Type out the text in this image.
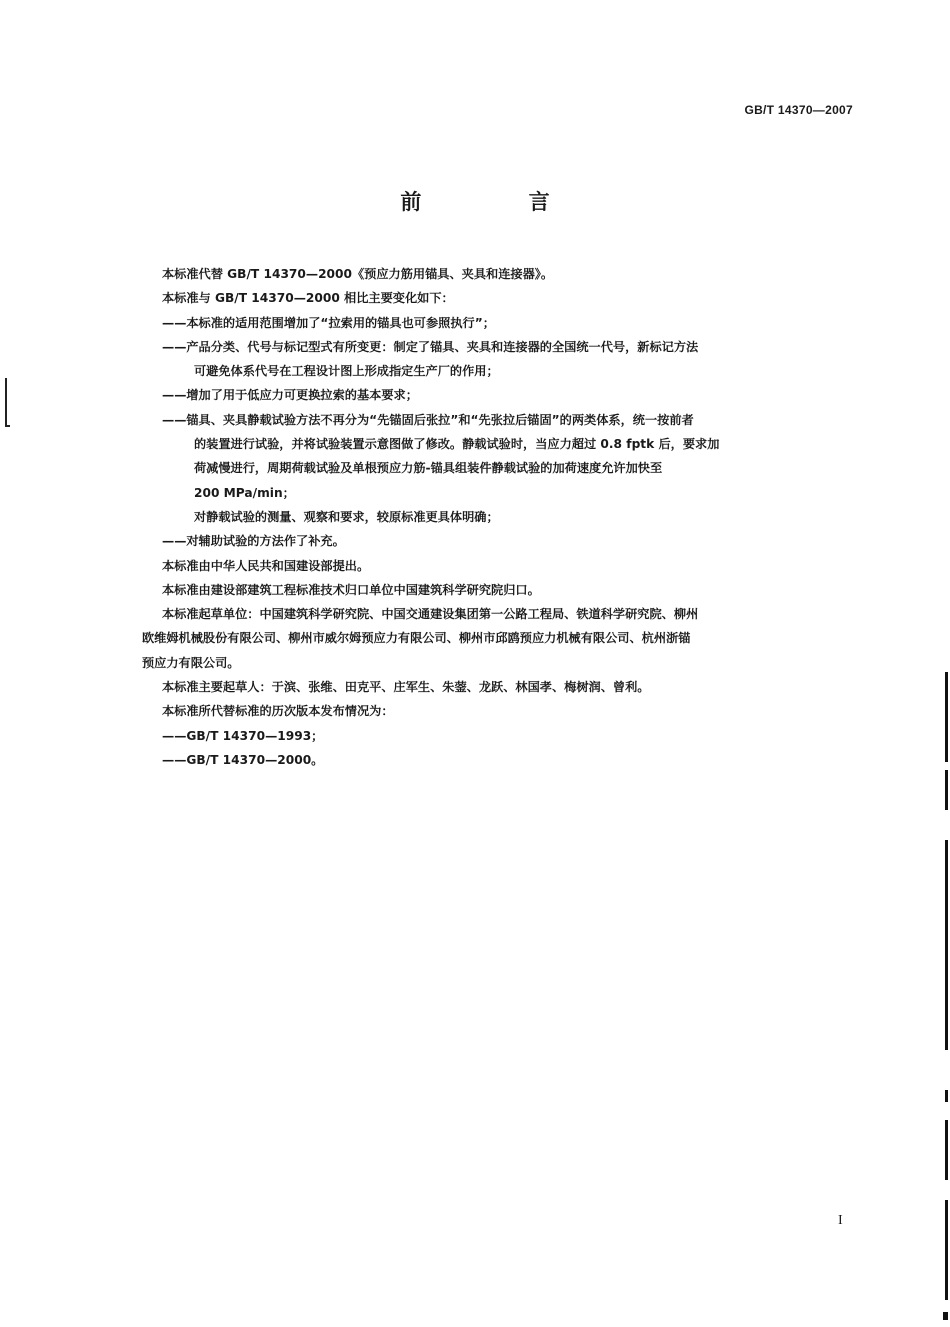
GB/T 14370—2007
前 言
本标准代替 GB/T 14370—2000《预应力筋用锚具、夹具和连接器》。
本标准与 GB/T 14370—2000 相比主要变化如下：
——本标准的适用范围增加了“拉索用的锚具也可参照执行”；
——产品分类、代号与标记型式有所变更：制定了锚具、夹具和连接器的全国统一代号，新标记方法
可避免体系代号在工程设计图上形成指定生产厂的作用；
——增加了用于低应力可更换拉索的基本要求；
——锚具、夹具静载试验方法不再分为“先锚固后张拉”和“先张拉后锚固”的两类体系，统一按前者
的装置进行试验，并将试验装置示意图做了修改。静载试验时，当应力超过 0.8 fptk 后，要求加
荷减慢进行，周期荷载试验及单根预应力筋-锚具组装件静载试验的加荷速度允许加快至
200 MPa/min；
对静载试验的测量、观察和要求，较原标准更具体明确；
——对辅助试验的方法作了补充。
本标准由中华人民共和国建设部提出。
本标准由建设部建筑工程标准技术归口单位中国建筑科学研究院归口。
本标准起草单位：中国建筑科学研究院、中国交通建设集团第一公路工程局、铁道科学研究院、柳州
欧维姆机械股份有限公司、柳州市威尔姆预应力有限公司、柳州市邱鸥预应力机械有限公司、杭州浙锚
预应力有限公司。
本标准主要起草人：于滨、张维、田克平、庄军生、朱蓥、龙跃、林国孝、梅树润、曾利。
本标准所代替标准的历次版本发布情况为：
——GB/T 14370—1993；
——GB/T 14370—2000。
I
